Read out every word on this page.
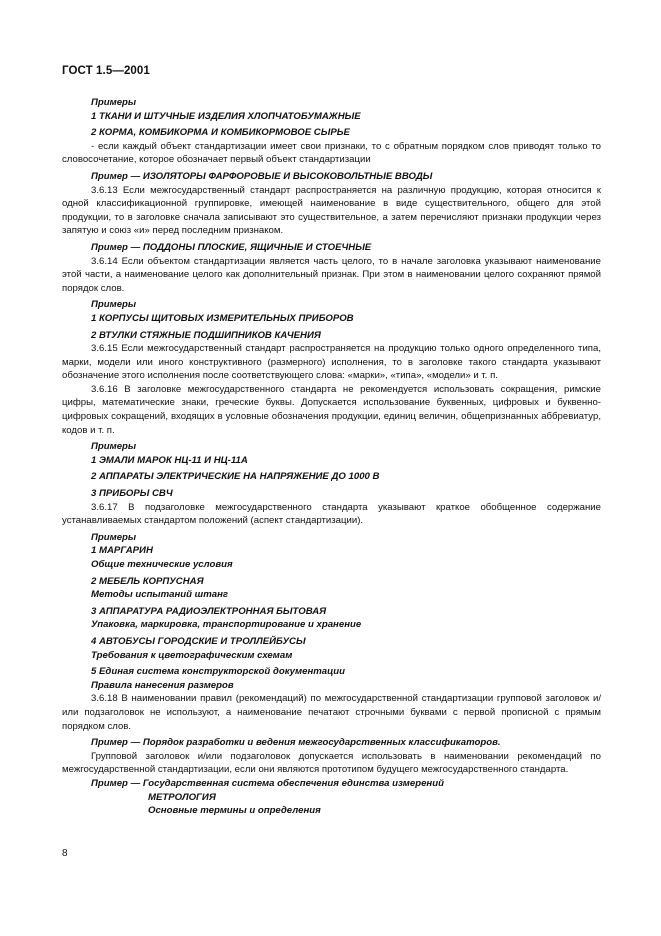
ГОСТ 1.5—2001
Примеры
1 ТКАНИ И ШТУЧНЫЕ ИЗДЕЛИЯ ХЛОПЧАТОБУМАЖНЫЕ
2 КОРМА, КОМБИКОРМА И КОМБИКОРМОВОЕ СЫРЬЕ
- если каждый объект стандартизации имеет свои признаки, то с обратным порядком слов приводят только то словосочетание, которое обозначает первый объект стандартизации
Пример — ИЗОЛЯТОРЫ ФАРФОРОВЫЕ И ВЫСОКОВОЛЬТНЫЕ ВВОДЫ
3.6.13 Если межгосударственный стандарт распространяется на различную продукцию, которая относится к одной классификационной группировке, имеющей наименование в виде существительного, общего для этой продукции, то в заголовке сначала записывают это существительное, а затем перечисляют признаки продукции через запятую и союз «и» перед последним признаком.
Пример — ПОДДОНЫ ПЛОСКИЕ, ЯЩИЧНЫЕ И СТОЕЧНЫЕ
3.6.14 Если объектом стандартизации является часть целого, то в начале заголовка указывают наименование этой части, а наименование целого как дополнительный признак. При этом в наименовании целого сохраняют прямой порядок слов.
Примеры
1 КОРПУСЫ ЩИТОВЫХ ИЗМЕРИТЕЛЬНЫХ ПРИБОРОВ
2 ВТУЛКИ СТЯЖНЫЕ ПОДШИПНИКОВ КАЧЕНИЯ
3.6.15 Если межгосударственный стандарт распространяется на продукцию только одного определенного типа, марки, модели или иного конструктивного (размерного) исполнения, то в заголовке такого стандарта указывают обозначение этого исполнения после соответствующего слова: «марки», «типа», «модели» и т. п.
3.6.16 В заголовке межгосударственного стандарта не рекомендуется использовать сокращения, римские цифры, математические знаки, греческие буквы. Допускается использование буквенных, цифровых и буквенно-цифровых сокращений, входящих в условные обозначения продукции, единиц величин, общепризнанных аббревиатур, кодов и т. п.
Примеры
1 ЭМАЛИ МАРОК НЦ-11 И НЦ-11А
2 АППАРАТЫ ЭЛЕКТРИЧЕСКИЕ НА НАПРЯЖЕНИЕ ДО 1000 В
3 ПРИБОРЫ СВЧ
3.6.17 В подзаголовке межгосударственного стандарта указывают краткое обобщенное содержание устанавливаемых стандартом положений (аспект стандартизации).
Примеры
1 МАРГАРИН
Общие технические условия
2 МЕБЕЛЬ КОРПУСНАЯ
Методы испытаний штанг
3 АППАРАТУРА РАДИОЭЛЕКТРОННАЯ БЫТОВАЯ
Упаковка, маркировка, транспортирование и хранение
4 АВТОБУСЫ ГОРОДСКИЕ И ТРОЛЛЕЙБУСЫ
Требования к цветографическим схемам
5 Единая система конструкторской документации
Правила нанесения размеров
3.6.18 В наименовании правил (рекомендаций) по межгосударственной стандартизации групповой заголовок и/или подзаголовок не используют, а наименование печатают строчными буквами с первой прописной с прямым порядком слов.
Пример — Порядок разработки и ведения межгосударственных классификаторов.
Групповой заголовок и/или подзаголовок допускается использовать в наименовании рекомендаций по межгосударственной стандартизации, если они являются прототипом будущего межгосударственного стандарта.
Пример — Государственная система обеспечения единства измерений
МЕТРОЛОГИЯ
Основные термины и определения
8
